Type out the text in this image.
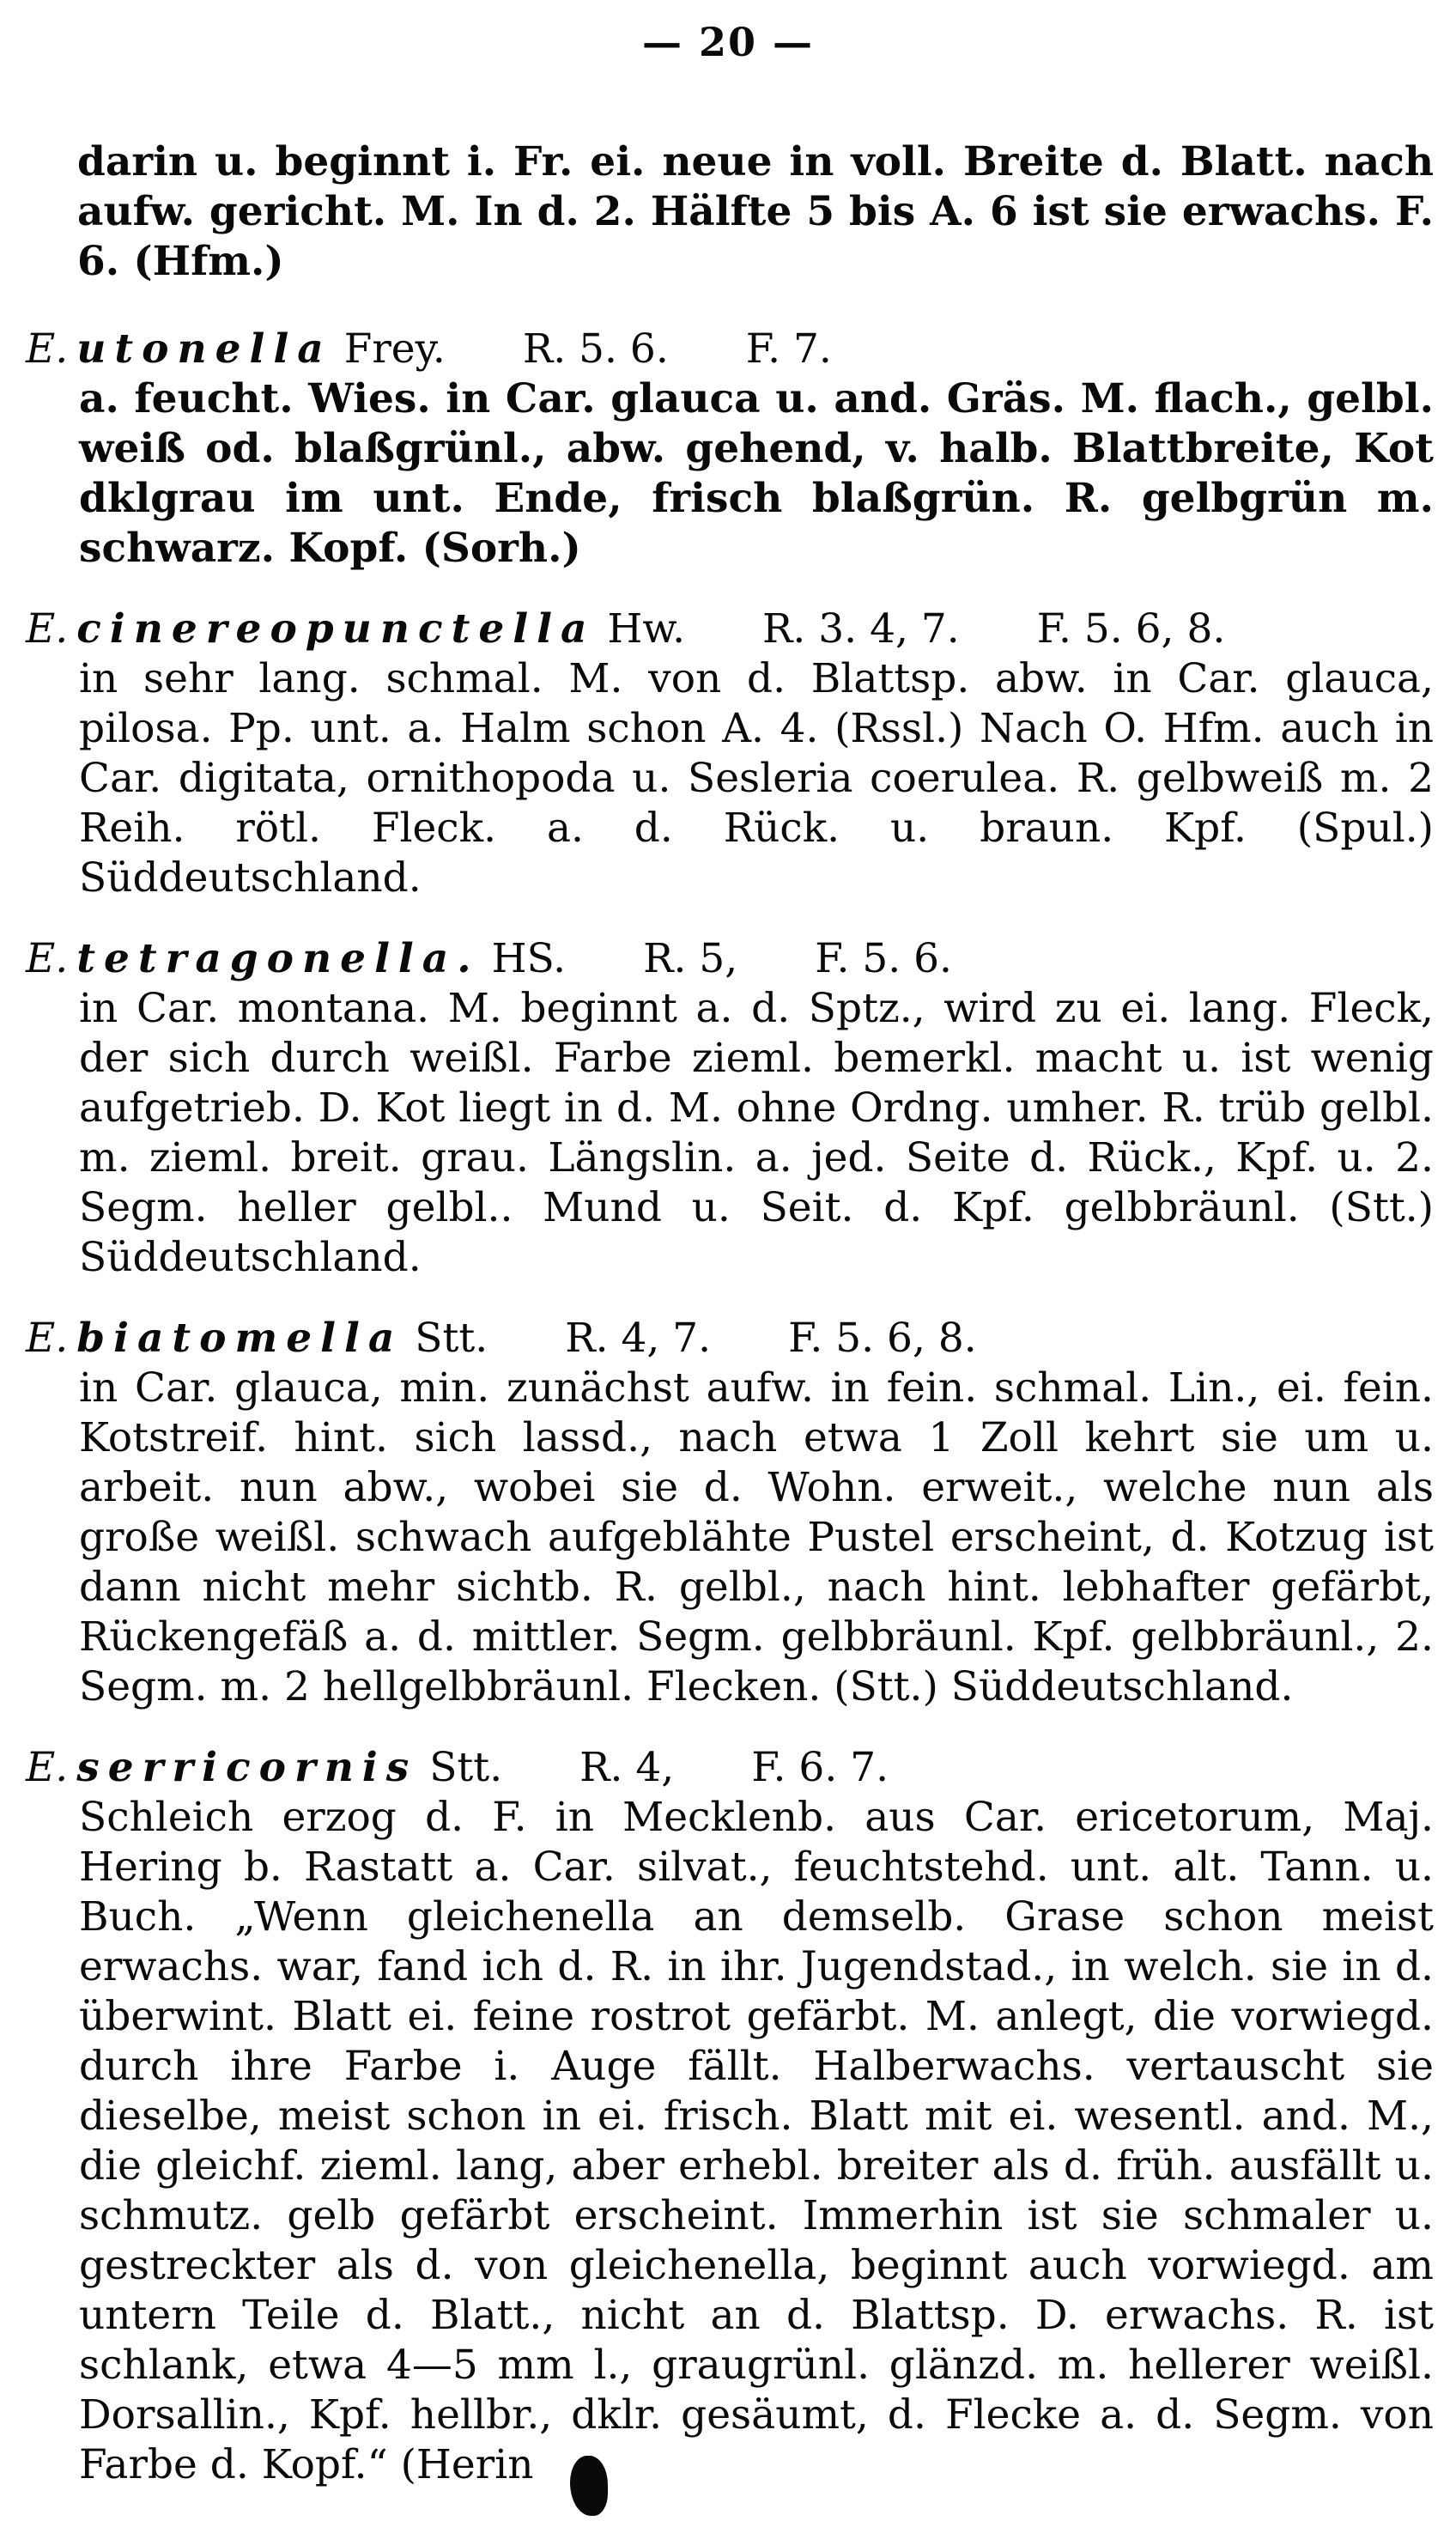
— 20 —
darin u. beginnt i. Fr. ei. neue in voll. Breite d. Blatt. nach aufw. gericht. M. In d. 2. Hälfte 5 bis A. 6 ist sie erwachs. F. 6. (Hfm.)
E. utonella Frey. R. 5. 6. F. 7.
a. feucht. Wies. in Car. glauca u. and. Gräs. M. flach., gelbl. weiß od. blaßgrünl., abw. gehend, v. halb. Blattbreite, Kot dklgrau im unt. Ende, frisch blaßgrün. R. gelbgrün m. schwarz. Kopf. (Sorh.)
E. cinereopunctella Hw. R. 3. 4, 7. F. 5. 6, 8.
in sehr lang. schmal. M. von d. Blattsp. abw. in Car. glauca, pilosa. Pp. unt. a. Halm schon A. 4. (Rssl.) Nach O. Hfm. auch in Car. digitata, ornithopoda u. Sesleria coerulea. R. gelbweiß m. 2 Reih. rötl. Fleck. a. d. Rück. u. braun. Kpf. (Spul.) Süddeutschland.
E. tetragonella. HS. R. 5, F. 5. 6.
in Car. montana. M. beginnt a. d. Sptz., wird zu ei. lang. Fleck, der sich durch weißl. Farbe zieml. bemerkl. macht u. ist wenig aufgetrieb. D. Kot liegt in d. M. ohne Ordng. umher. R. trüb gelbl. m. zieml. breit. grau. Längslin. a. jed. Seite d. Rück., Kpf. u. 2. Segm. heller gelbl.. Mund u. Seit. d. Kpf. gelbbräunl. (Stt.) Süddeutschland.
E. biatomella Stt. R. 4, 7. F. 5. 6, 8.
in Car. glauca, min. zunächst aufw. in fein. schmal. Lin., ei. fein. Kotstreif. hint. sich lassd., nach etwa 1 Zoll kehrt sie um u. arbeit. nun abw., wobei sie d. Wohn. erweit., welche nun als große weißl. schwach aufgeblähte Pustel erscheint, d. Kotzug ist dann nicht mehr sichtb. R. gelbl., nach hint. lebhafter gefärbt, Rückengefäß a. d. mittler. Segm. gelbbräunl. Kpf. gelbbräunl., 2. Segm. m. 2 hellgelbbräunl. Flecken. (Stt.) Süddeutschland.
E. serricornis Stt. R. 4, F. 6. 7.
Schleich erzog d. F. in Mecklenb. aus Car. ericetorum, Maj. Hering b. Rastatt a. Car. silvat., feuchtstehd. unt. alt. Tann. u. Buch. „Wenn gleichenella an demselb. Grase schon meist erwachs. war, fand ich d. R. in ihr. Jugendstad., in welch. sie in d. überwint. Blatt ei. feine rostrot gefärbt. M. anlegt, die vorwiegd. durch ihre Farbe i. Auge fällt. Halberwachs. vertauscht sie dieselbe, meist schon in ei. frisch. Blatt mit ei. wesentl. and. M., die gleichf. zieml. lang, aber erhebl. breiter als d. früh. ausfällt u. schmutz. gelb gefärbt erscheint. Immerhin ist sie schmaler u. gestreckter als d. von gleichenella, beginnt auch vorwiegd. am untern Teile d. Blatt., nicht an d. Blattsp. D. erwachs. R. ist schlank, etwa 4—5 mm l., graugrünl. glänzd. m. hellerer weißl. Dorsallin., Kpf. hellbr., dklr. gesäumt, d. Flecke a. d. Segm. von Farbe d. Kopf.“ (Herin
